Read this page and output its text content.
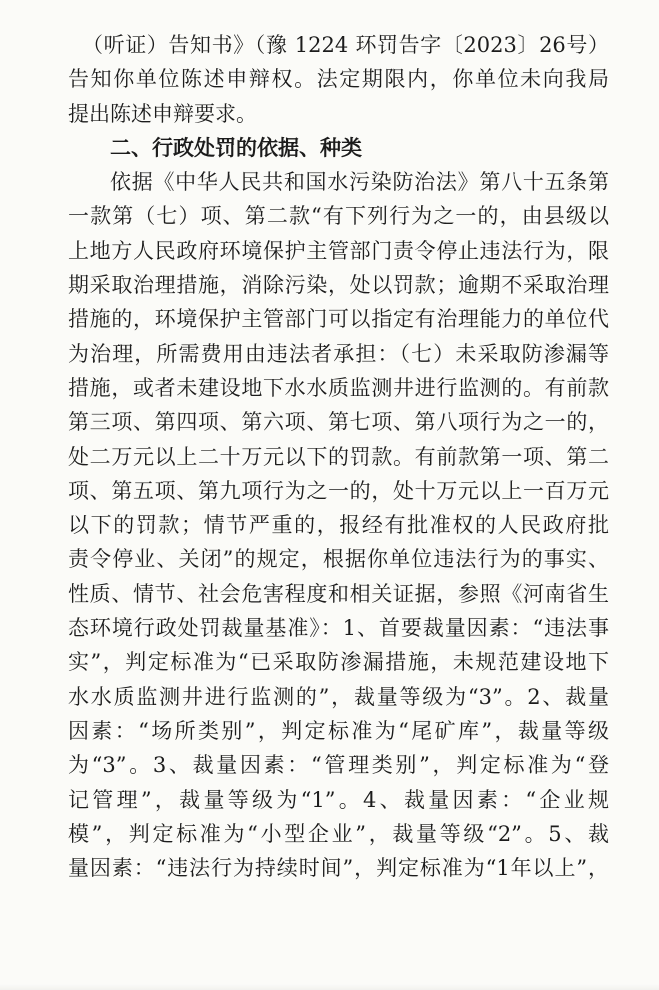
（听证）告知书》（豫 1224 环罚告字〔2023〕26号）
告知你单位陈述申辩权。法定期限内，你单位未向我局
提出陈述申辩要求。
二、行政处罚的依据、种类
依据《中华人民共和国水污染防治法》第八十五条第
一款第（七）项、第二款“有下列行为之一的，由县级以
上地方人民政府环境保护主管部门责令停止违法行为，限
期采取治理措施，消除污染，处以罚款；逾期不采取治理
措施的，环境保护主管部门可以指定有治理能力的单位代
为治理，所需费用由违法者承担：（七）未采取防渗漏等
措施，或者未建设地下水水质监测井进行监测的。有前款
第三项、第四项、第六项、第七项、第八项行为之一的，
处二万元以上二十万元以下的罚款。有前款第一项、第二
项、第五项、第九项行为之一的，处十万元以上一百万元
以下的罚款；情节严重的，报经有批准权的人民政府批
责令停业、关闭”的规定，根据你单位违法行为的事实、
性质、情节、社会危害程度和相关证据，参照《河南省生
态环境行政处罚裁量基准》：1、首要裁量因素：“违法事
实”，判定标准为“已采取防渗漏措施，未规范建设地下
水水质监测井进行监测的”，裁量等级为“3”。2、裁量
因素：“场所类别”，判定标准为“尾矿库”，裁量等级
为“3”。3、裁量因素：“管理类别”，判定标准为“登
记管理”，裁量等级为“1”。4、裁量因素：“企业规
模”，判定标准为“小型企业”，裁量等级“2”。5、裁
量因素：“违法行为持续时间”，判定标准为“1年以上”，
